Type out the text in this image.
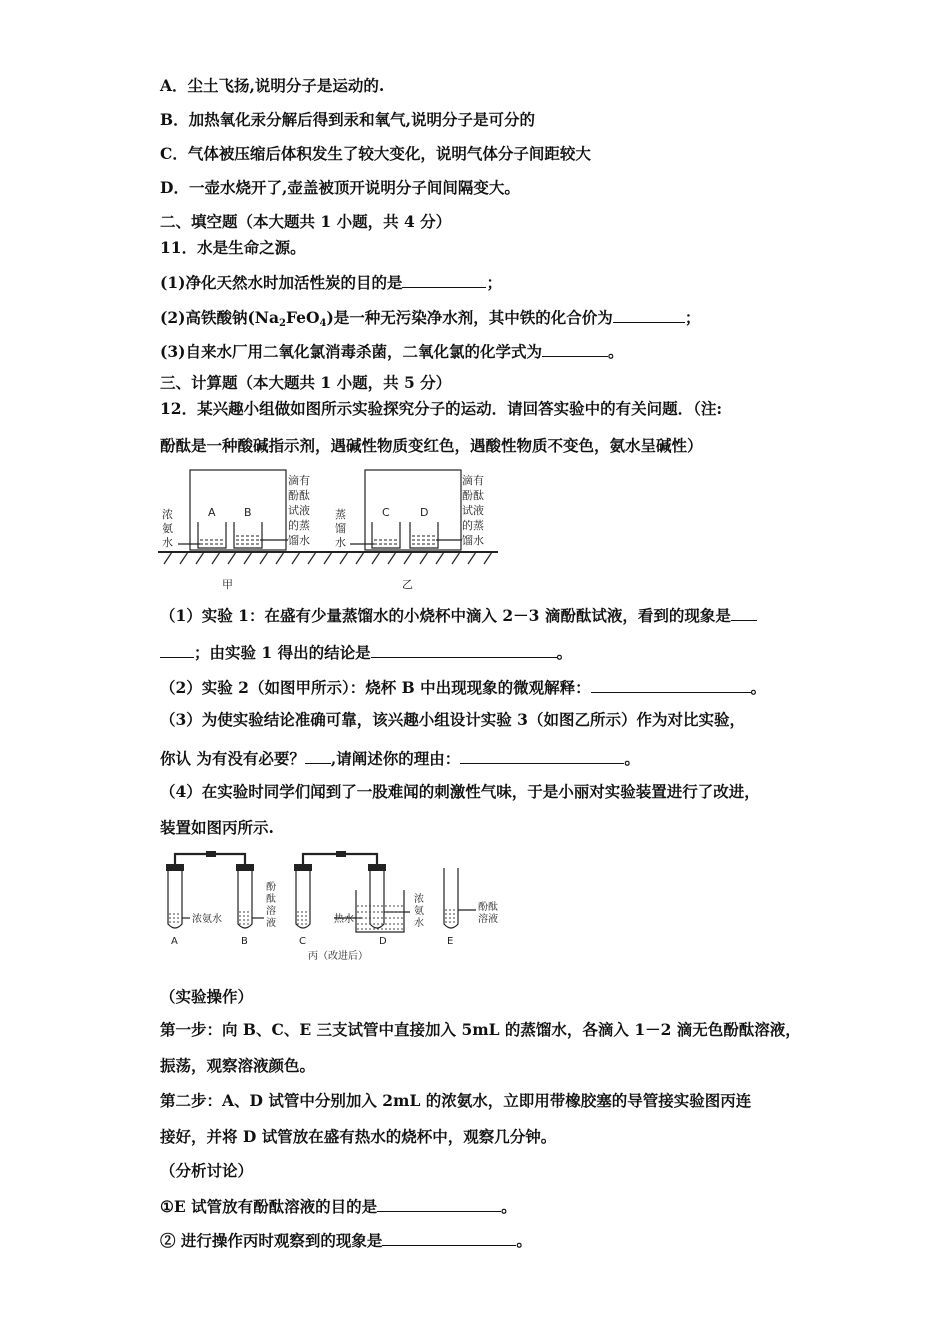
A．尘土飞扬,说明分子是运动的.
B．加热氧化汞分解后得到汞和氧气,说明分子是可分的
C．气体被压缩后体积发生了较大变化，说明气体分子间距较大
D．一壶水烧开了,壶盖被顶开说明分子间间隔变大。
二、填空题（本大题共 1 小题，共 4 分）
11．水是生命之源。
(1)净化天然水时加活性炭的目的是	；
(2)高铁酸钠$(Na_2FeO_4)$是一种无污染净水剂，其中铁的化合价为	；
(3)自来水厂用二氧化氯消毒杀菌，二氧化氯的化学式为	。
三、计算题（本大题共 1 小题，共 5 分）
12．某兴趣小组做如图所示实验探究分子的运动．请回答实验中的有关问题．（注:
酚酞是一种酸碱指示剂，遇碱性物质变红色，遇酸性物质不变色，氨水呈碱性）
浓
氨
水
A	B	C	D
滴有
酚酞
试液
的蒸
馏水
蒸
馏
水
滴有
酚酞
试液
的蒸
馏水
甲	乙
（1）实验 1：在盛有少量蒸馏水的小烧杯中滴入 2－3 滴酚酞试液，看到的现象是
；由实验 1 得出的结论是	。
（2）实验 2（如图甲所示）：烧杯 B 中出现现象的微观解释：	。
（3）为使实验结论准确可靠，该兴趣小组设计实验 3（如图乙所示）作为对比实验，
你认 为有没有必要？ ,请阐述你的理由：	。
（4）在实验时同学们闻到了一股难闻的刺激性气味，于是小丽对实验装置进行了改进，
装置如图丙所示.
浓氨水
酚
酞
溶
液	热水
浓
氨
水
酚酞
溶液
A	B	C	D	E
丙（改进后）
（实验操作）
第一步：向 B、C、E 三支试管中直接加入 5mL 的蒸馏水，各滴入 1－2 滴无色酚酞溶液，
振荡，观察溶液颜色。
第二步：A、D 试管中分别加入 2mL 的浓氨水，立即用带橡胶塞的导管接实验图丙连
接好，并将 D 试管放在盛有热水的烧杯中，观察几分钟。
（分析讨论）
①E 试管放有酚酞溶液的目的是	。
② 进行操作丙时观察到的现象是	。
